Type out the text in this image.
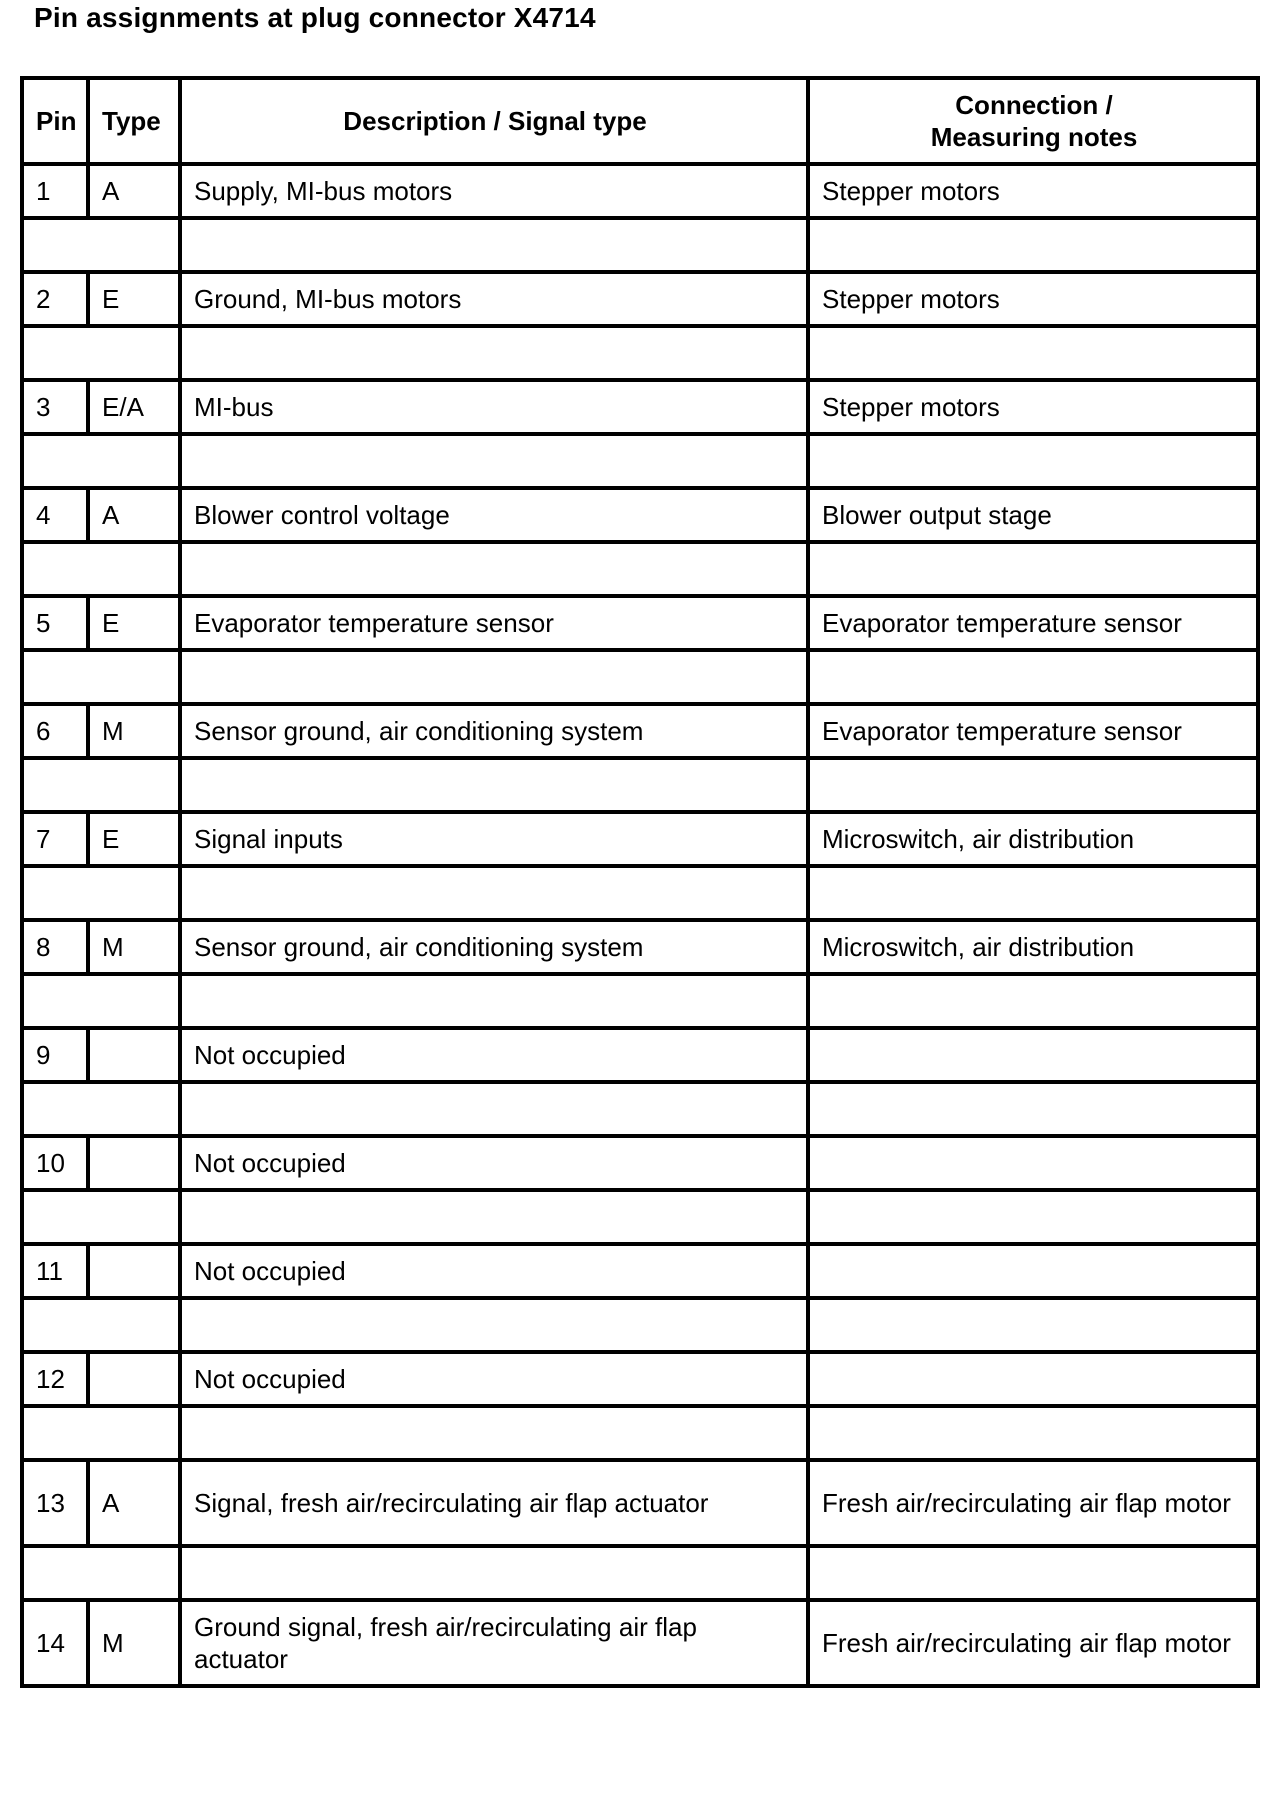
Pin assignments at plug connector X4714
Pin	Type	Description / Signal type	Connection /
Measuring notes
1	A	Supply, MI-bus motors	Stepper motors

2	E	Ground, MI-bus motors	Stepper motors

3	E/A	MI-bus	Stepper motors

4	A	Blower control voltage	Blower output stage

5	E	Evaporator temperature sensor	Evaporator temperature sensor

6	M	Sensor ground, air conditioning system	Evaporator temperature sensor

7	E	Signal inputs	Microswitch, air distribution

8	M	Sensor ground, air conditioning system	Microswitch, air distribution

9		Not occupied	

10		Not occupied	

11		Not occupied	

12		Not occupied	

13	A	Signal, fresh air/recirculating air flap actuator	Fresh air/recirculating air flap motor

14	M	Ground signal, fresh air/recirculating air flap actuator	Fresh air/recirculating air flap motor
